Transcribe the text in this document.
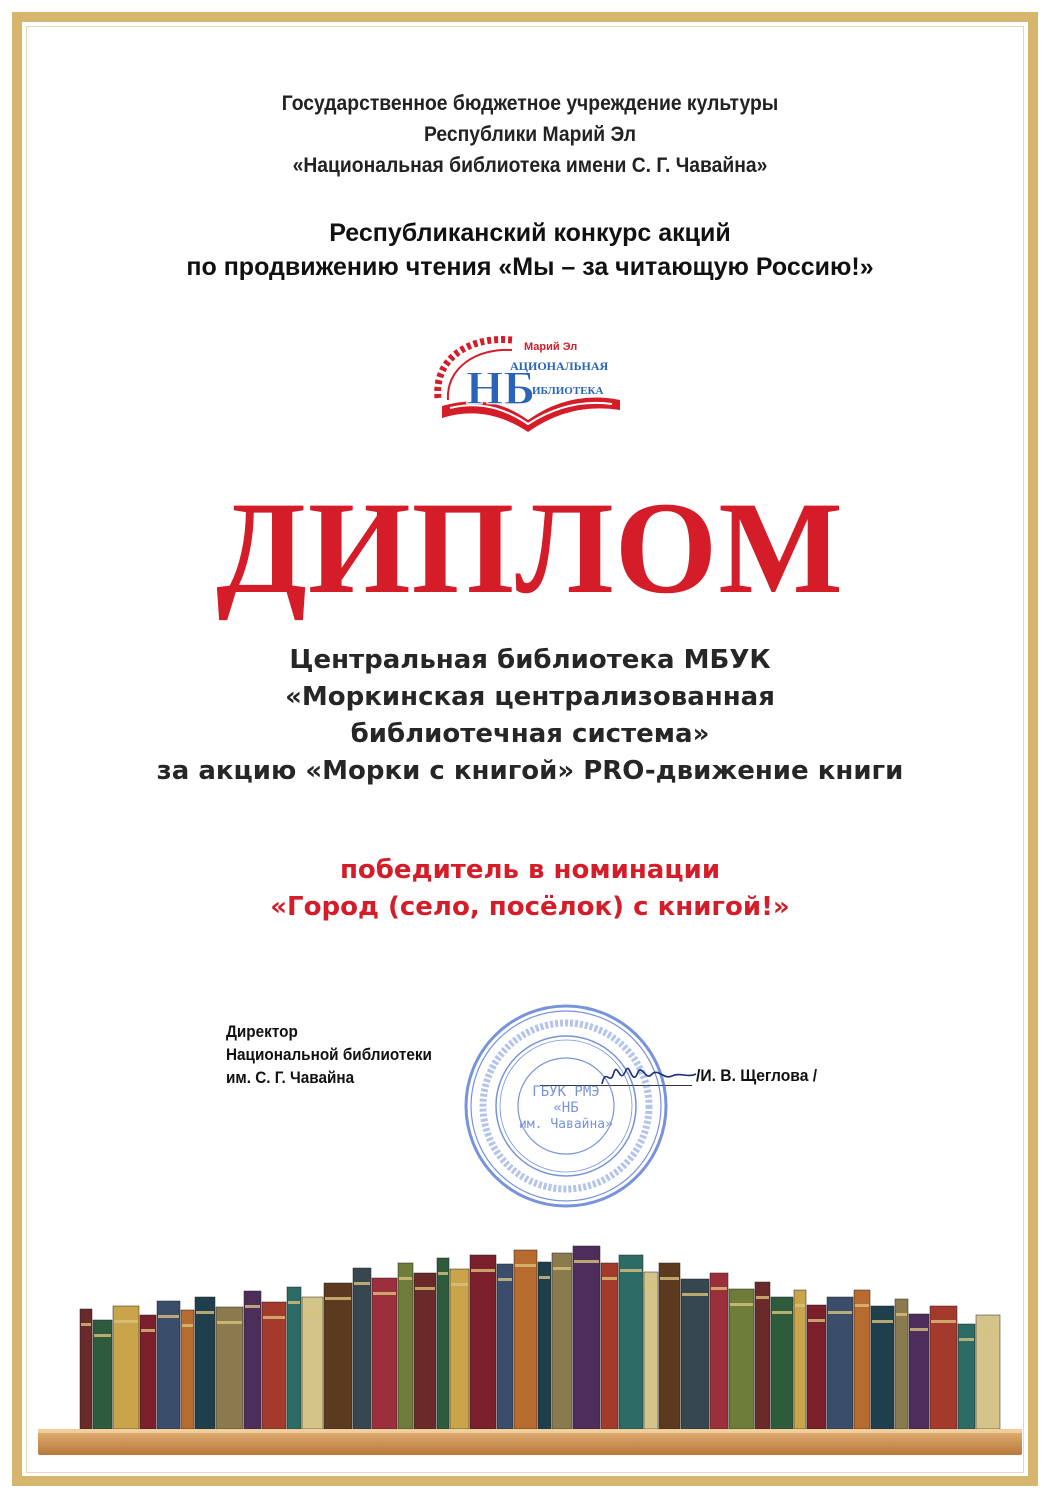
Государственное бюджетное учреждение культуры
Республики Марий Эл
«Национальная библиотека имени С. Г. Чавайна»
Республиканский конкурс акций
по продвижению чтения «Мы – за читающую Россию!»
Марий Эл
НБ
АЦИОНАЛЬНАЯ
ИБЛИОТЕКА
ДИПЛОМ
Центральная библиотека МБУК
«Моркинская централизованная
библиотечная система»
за акцию «Морки с книгой» PRO-движение книги
победитель в номинации
«Город (село, посёлок) с книгой!»
Директор
Национальной библиотеки
им. С. Г. Чавайна
ГБУК РМЭ
«НБ
им. Чавайна»
/И. В. Щеглова /
